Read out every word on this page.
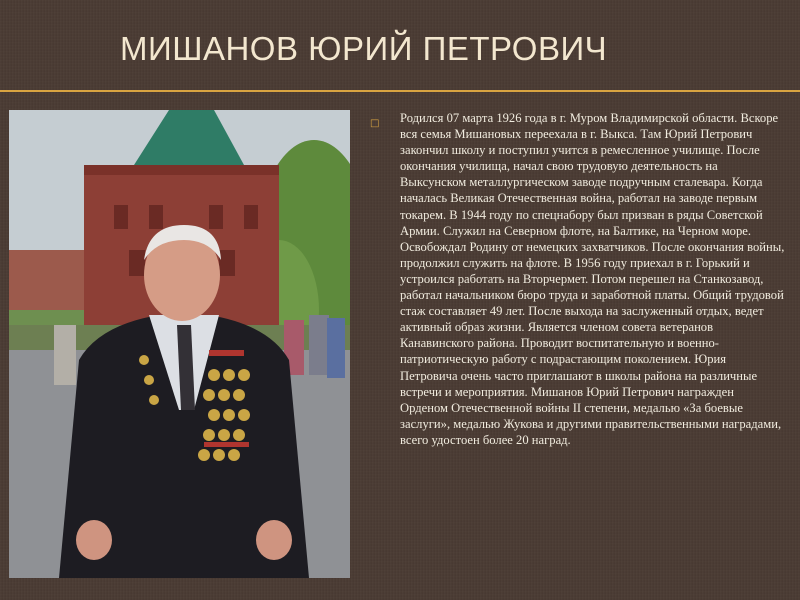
МИШАНОВ ЮРИЙ ПЕТРОВИЧ
□	Родился 07 марта 1926 года в г. Муром Владимирской области. Вскоре вся семья Мишановых переехала в г. Выкса. Там Юрий Петрович закончил школу и поступил учится в ремесленное училище. После окончания училища, начал свою трудовую деятельность на Выксунском металлургическом заводе подручным сталевара. Когда началась Великая Отечественная война, работал на заводе первым токарем. В 1944 году по спецнабору был призван в ряды Советской Армии. Служил на Северном флоте, на Балтике, на Черном море. Освобождал Родину от немецких захватчиков. После окончания войны, продолжил служить на флоте. В 1956 году приехал в г. Горький и устроился работать на Вторчермет. Потом перешел на Станкозавод, работал начальником бюро труда и заработной платы. Общий трудовой стаж составляет 49 лет. После выхода на заслуженный отдых, ведет активный образ жизни. Является членом совета ветеранов Канавинского района. Проводит воспитательную и военно-патриотическую работу с подрастающим поколением. Юрия Петровича очень часто приглашают в школы района на различные встречи и мероприятия. Мишанов Юрий Петрович награжден Орденом Отечественной войны II степени, медалью «За боевые заслуги», медалью Жукова и другими правительственными наградами, всего удостоен более 20 наград.
